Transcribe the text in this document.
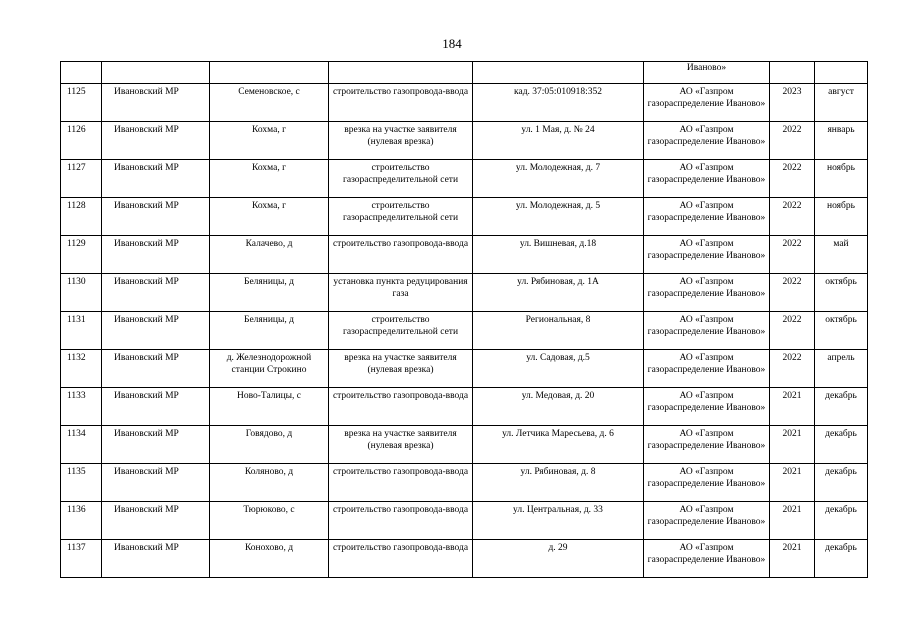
184
					Иваново»		
1125	Ивановский МР	Семеновское, с	строительство газопровода-ввода	кад. 37:05:010918:352	АО «Газпром газораспределение Иваново»	2023	август
1126	Ивановский МР	Кохма, г	врезка на участке заявителя (нулевая врезка)	ул. 1 Мая, д. № 24	АО «Газпром газораспределение Иваново»	2022	январь
1127	Ивановский МР	Кохма, г	строительство газораспределительной сети	ул. Молодежная, д. 7	АО «Газпром газораспределение Иваново»	2022	ноябрь
1128	Ивановский МР	Кохма, г	строительство газораспределительной сети	ул. Молодежная, д. 5	АО «Газпром газораспределение Иваново»	2022	ноябрь
1129	Ивановский МР	Калачево, д	строительство газопровода-ввода	ул. Вишневая, д.18	АО «Газпром газораспределение Иваново»	2022	май
1130	Ивановский МР	Беляницы, д	установка пункта редуцирования газа	ул. Рябиновая, д. 1А	АО «Газпром газораспределение Иваново»	2022	октябрь
1131	Ивановский МР	Беляницы, д	строительство газораспределительной сети	Региональная, 8	АО «Газпром газораспределение Иваново»	2022	октябрь
1132	Ивановский МР	д. Железнодорожной станции Строкино	врезка на участке заявителя (нулевая врезка)	ул. Садовая, д.5	АО «Газпром газораспределение Иваново»	2022	апрель
1133	Ивановский МР	Ново-Талицы, с	строительство газопровода-ввода	ул. Медовая, д. 20	АО «Газпром газораспределение Иваново»	2021	декабрь
1134	Ивановский МР	Говядово, д	врезка на участке заявителя (нулевая врезка)	ул. Летчика Маресьева, д. 6	АО «Газпром газораспределение Иваново»	2021	декабрь
1135	Ивановский МР	Коляново, д	строительство газопровода-ввода	ул. Рябиновая, д. 8	АО «Газпром газораспределение Иваново»	2021	декабрь
1136	Ивановский МР	Тюрюково, с	строительство газопровода-ввода	ул. Центральная, д. 33	АО «Газпром газораспределение Иваново»	2021	декабрь
1137	Ивановский МР	Конохово, д	строительство газопровода-ввода	д. 29	АО «Газпром газораспределение Иваново»	2021	декабрь
